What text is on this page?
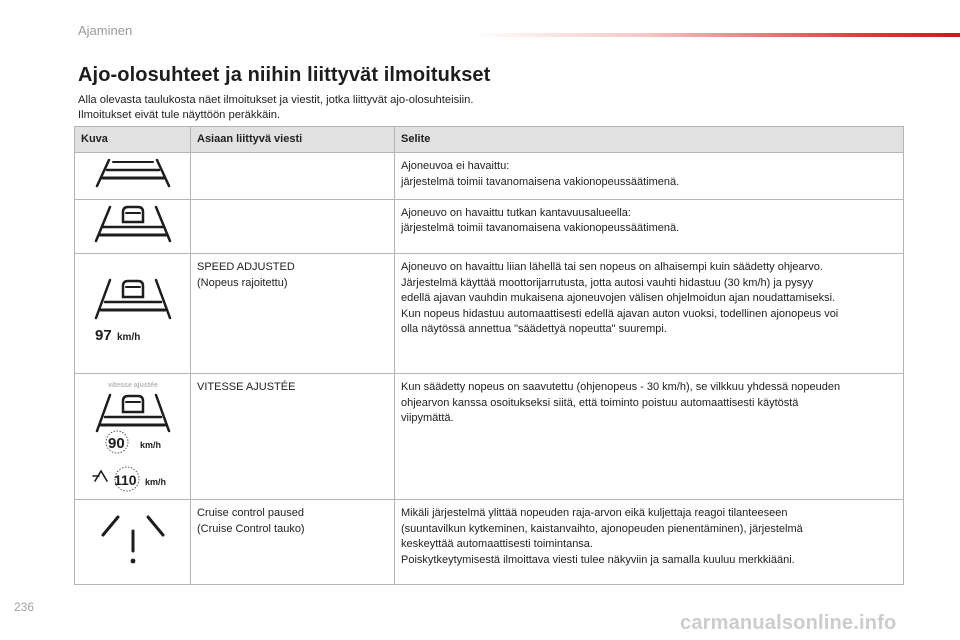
Ajaminen
Ajo-olosuhteet ja niihin liittyvät ilmoitukset
Alla olevasta taulukosta näet ilmoitukset ja viestit, jotka liittyvät ajo-olosuhteisiin.
Ilmoitukset eivät tule näyttöön peräkkäin.
Kuva	Asiaan liittyvä viesti	Selite

Ajoneuvoa ei havaittu:
järjestelmä toimii tavanomaisena vakionopeussäätimenä.

Ajoneuvo on havaittu tutkan kantavuusalueella:
järjestelmä toimii tavanomaisena vakionopeussäätimenä.

97 km/h	SPEED ADJUSTED
(Nopeus rajoitettu)	Ajoneuvo on havaittu liian lähellä tai sen nopeus on alhaisempi kuin säädetty ohjearvo.
Järjestelmä käyttää moottorijarrutusta, jotta autosi vauhti hidastuu (30 km/h) ja pysyy
edellä ajavan vauhdin mukaisena ajoneuvojen välisen ohjelmoidun ajan noudattamiseksi.
Kun nopeus hidastuu automaattisesti edellä ajavan auton vuoksi, todellinen ajonopeus voi
olla näytössä annettua "säädettyä nopeutta" suurempi.

vitesse ajustée
90 km/h
110 km/h	VITESSE AJUSTÉE	Kun säädetty nopeus on saavutettu (ohjenopeus - 30 km/h), se vilkkuu yhdessä nopeuden
ohjearvon kanssa osoitukseksi siitä, että toiminto poistuu automaattisesti käytöstä
viipymättä.

Cruise control paused
(Cruise Control tauko)	Mikäli järjestelmä ylittää nopeuden raja-arvon eikä kuljettaja reagoi tilanteeseen
(suuntavilkun kytkeminen, kaistanvaihto, ajonopeuden pienentäminen), järjestelmä
keskeyttää automaattisesti toimintansa.
Poiskytkeytymisestä ilmoittava viesti tulee näkyviin ja samalla kuuluu merkkiääni.
236
carmanualsonline.info
